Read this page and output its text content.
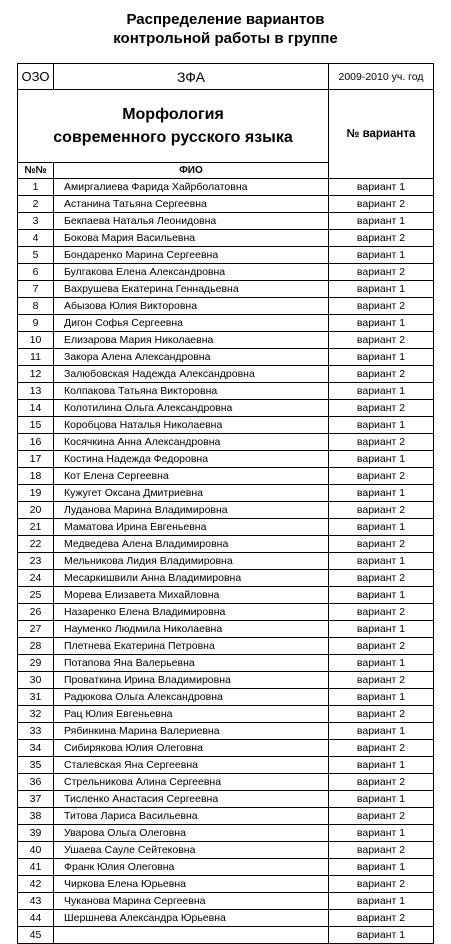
Распределение вариантов
контрольной работы в группе
ОЗО	ЗФА	2009-2010 уч. год

Морфология
современного русского языка		№ варианта
№№	ФИО	
1	Амиргалиева Фарида Хайрболатовна	вариант 1
2	Астанина Татьяна Сергеевна	вариант 2
3	Бекпаева Наталья Леонидовна	вариант 1
4	Бокова Мария Васильевна	вариант 2
5	Бондаренко Марина Сергеевна	вариант 1
6	Булгакова Елена Александровна	вариант 2
7	Вахрушева Екатерина Геннадьевна	вариант 1
8	Абызова Юлия Викторовна	вариант 2
9	Дигон Софья Сергеевна	вариант 1
10	Елизарова Мария Николаевна	вариант 2
11	Закора Алена Александровна	вариант 1
12	Залюбовская Надежда Александровна	вариант 2
13	Колпакова Татьяна Викторовна	вариант 1
14	Колотилина Ольга Александровна	вариант 2
15	Коробцова Наталья Николаевна	вариант 1
16	Косячкина Анна Александровна	вариант 2
17	Костина Надежда Федоровна	вариант 1
18	Кот Елена Сергеевна	вариант 2
19	Кужугет Оксана Дмитриевна	вариант 1
20	Луданова Марина Владимировна	вариант 2
21	Маматова Ирина Евгеньевна	вариант 1
22	Медведева Алена Владимировна	вариант 2
23	Мельникова Лидия Владимировна	вариант 1
24	Месаркишвили Анна Владимировна	вариант 2
25	Морева Елизавета Михайловна	вариант 1
26	Назаренко Елена Владимировна	вариант 2
27	Науменко Людмила Николаевна	вариант 1
28	Плетнева Екатерина Петровна	вариант 2
29	Потапова Яна Валерьевна	вариант 1
30	Проваткина Ирина Владимировна	вариант 2
31	Радюкова Ольга Александровна	вариант 1
32	Рац Юлия Евгеньевна	вариант 2
33	Рябинкина Марина Валериевна	вариант 1
34	Сибирякова Юлия Олеговна	вариант 2
35	Сталевская Яна Сергеевна	вариант 1
36	Стрельникова Алина Сергеевна	вариант 2
37	Тисленко Анастасия Сергеевна	вариант 1
38	Титова Лариса Васильевна	вариант 2
39	Уварова Ольга Олеговна	вариант 1
40	Ушаева Сауле Сейтековна	вариант 2
41	Франк Юлия Олеговна	вариант 1
42	Чиркова Елена Юрьевна	вариант 2
43	Чуканова Марина Сергеевна	вариант 1
44	Шершнева Александра Юрьевна	вариант 2
45		вариант 1
